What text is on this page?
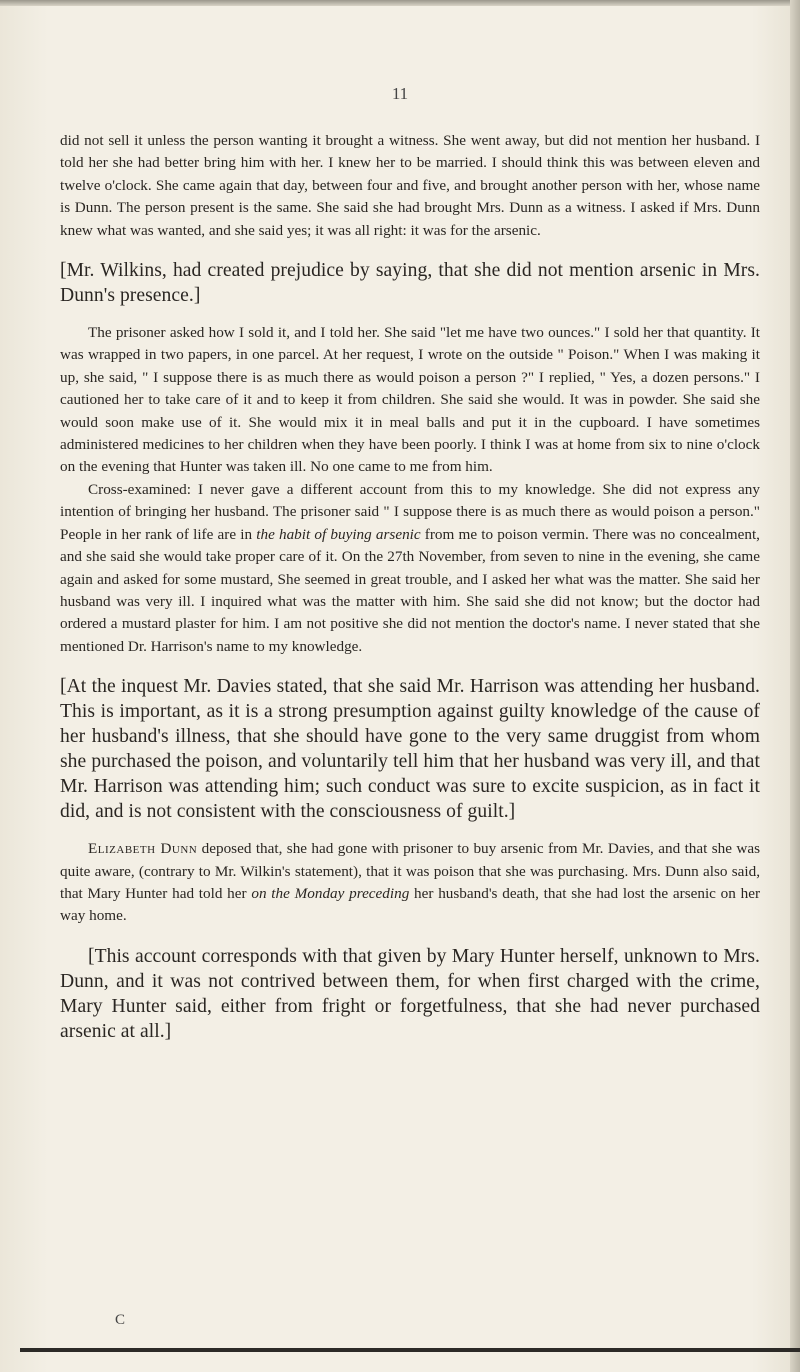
11

did not sell it unless the person wanting it brought a witness. She went away, but did not mention her husband. I told her she had better bring him with her. I knew her to be married. I should think this was between eleven and twelve o'clock. She came again that day, between four and five, and brought another person with her, whose name is Dunn. The person present is the same. She said she had brought Mrs. Dunn as a witness. I asked if Mrs. Dunn knew what was wanted, and she said yes; it was all right: it was for the arsenic.

[Mr. Wilkins, had created prejudice by saying, that she did not mention arsenic in Mrs. Dunn's presence.]

The prisoner asked how I sold it, and I told her. She said "let me have two ounces." I sold her that quantity. It was wrapped in two papers, in one parcel. At her request, I wrote on the outside " Poison." When I was making it up, she said, " I suppose there is as much there as would poison a person ?" I replied, " Yes, a dozen persons." I cautioned her to take care of it and to keep it from children. She said she would. It was in powder. She said she would soon make use of it. She would mix it in meal balls and put it in the cupboard. I have sometimes administered medicines to her children when they have been poorly. I think I was at home from six to nine o'clock on the evening that Hunter was taken ill. No one came to me from him.

Cross-examined: I never gave a different account from this to my knowledge. She did not express any intention of bringing her husband. The prisoner said " I suppose there is as much there as would poison a person." People in her rank of life are in the habit of buying arsenic from me to poison vermin. There was no concealment, and she said she would take proper care of it. On the 27th November, from seven to nine in the evening, she came again and asked for some mustard, She seemed in great trouble, and I asked her what was the matter. She said her husband was very ill. I inquired what was the matter with him. She said she did not know; but the doctor had ordered a mustard plaster for him. I am not positive she did not mention the doctor's name. I never stated that she mentioned Dr. Harrison's name to my knowledge.

[At the inquest Mr. Davies stated, that she said Mr. Harrison was attending her husband. This is important, as it is a strong presumption against guilty knowledge of the cause of her husband's illness, that she should have gone to the very same druggist from whom she purchased the poison, and voluntarily tell him that her husband was very ill, and that Mr. Harrison was attending him; such conduct was sure to excite suspicion, as in fact it did, and is not consistent with the consciousness of guilt.]

Elizabeth Dunn deposed that, she had gone with prisoner to buy arsenic from Mr. Davies, and that she was quite aware, (contrary to Mr. Wilkin's statement), that it was poison that she was purchasing. Mrs. Dunn also said, that Mary Hunter had told her on the Monday preceding her husband's death, that she had lost the arsenic on her way home.

[This account corresponds with that given by Mary Hunter herself, unknown to Mrs. Dunn, and it was not contrived between them, for when first charged with the crime, Mary Hunter said, either from fright or forgetfulness, that she had never purchased arsenic at all.]

C
